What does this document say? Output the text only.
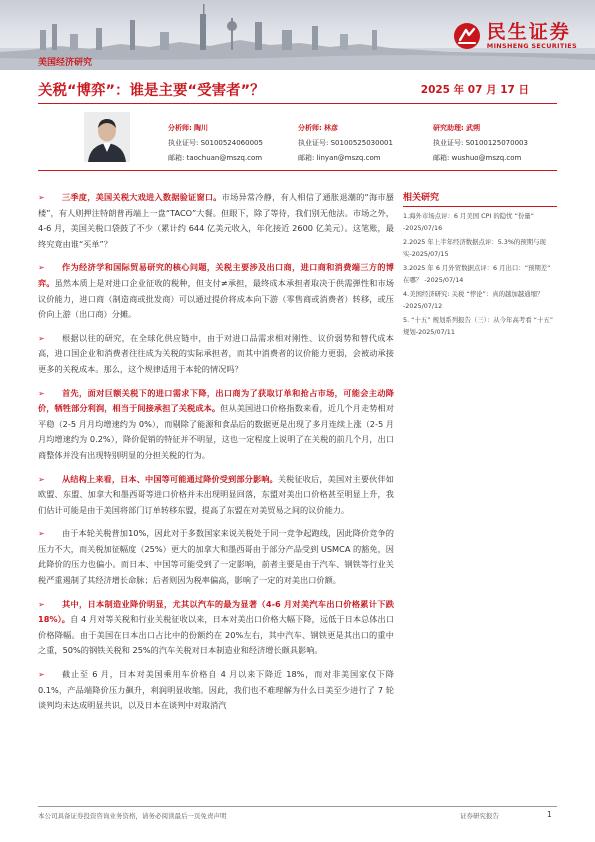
民生证券
MINSHENG SECURITIES
美国经济研究
关税“博弈”：谁是主要“受害者”？	2025 年 07 月 17 日
分析师: 陶川
执业证号: S0100524060005
邮箱: taochuan@mszq.com
分析师: 林彦
执业证号: S0100525030001
邮箱: linyan@mszq.com
研究助理: 武朔
执业证号: S0100125070003
邮箱: wushuo@mszq.com

➢ 三季度，美国关税大戏进入数据验证窗口。市场异常冷静，有人相信了通胀退潮的“海市蜃楼”，有人则押注特朗普再端上一盘“TACO”大餐。但眼下，除了等待，我们别无他法。市场之外，4-6 月，美国关税口袋鼓了不少（累计约 644 亿美元收入，年化接近 2600 亿美元）。这笔账，最终究竟由谁“买单”？

➢ 作为经济学和国际贸易研究的核心问题，关税主要涉及出口商，进口商和消费端三方的博弈。虽然本质上是对进口企业征收的税种，但支付≠承担，最终成本承担者取决于供需弹性和市场议价能力，进口商（制造商或批发商）可以通过提价将成本向下游（零售商或消费者）转移，或压价向上游（出口商）分摊。

➢ 根据以往的研究，在全球化供应链中，由于对进口品需求相对刚性、议价弱势和替代成本高，进口国企业和消费者往往成为关税的实际承担者，而其中消费者的议价能力更弱，会被动承接更多的关税成本。那么，这个规律适用于本轮的情况吗？

➢ 首先，面对巨额关税下的进口需求下降，出口商为了获取订单和抢占市场，可能会主动降价，牺牲部分利润，相当于间接承担了关税成本。但从美国进口价格指数来看，近几个月走势相对平稳（2-5 月月均增速约为 0%），而剔除了能源和食品后的数据更是出现了多月连续上涨（2-5 月月均增速约为 0.2%），降价促销的特征并不明显，这也一定程度上说明了在关税的前几个月，出口商整体并没有出现特别明显的分担关税的行为。

➢ 从结构上来看，日本、中国等可能通过降价受到部分影响。关税征收后，美国对主要伙伴如欧盟、东盟、加拿大和墨西哥等进口价格并未出现明显回落，东盟对美出口价格甚至明显上升，我们估计可能是由于美国将部门订单转移东盟，提高了东盟在对美贸易之间的议价能力。

➢ 由于本轮关税普加10%，因此对于多数国家来说关税处于同一竞争起跑线，因此降价竞争的压力不大，而关税加征幅度（25%）更大的加拿大和墨西哥由于部分产品受到 USMCA 的豁免，因此降价的压力也偏小。而日本、中国等可能受到了一定影响，前者主要是由于汽车、钢铁等行业关税严重遏制了其经济增长命脉；后者则因为税率偏高，影响了一定的对美出口价额。

➢ 其中，日本制造业降价明显，尤其以汽车的最为显著（4-6 月对美汽车出口价格累计下跌 18%）。自 4 月对等关税和行业关税征收以来，日本对美出口价格大幅下降，远低于日本总体出口价格降幅。由于美国在日本出口占比中的份额约在 20%左右，其中汽车、钢铁更是其出口的重中之重，50%的钢铁关税和 25%的汽车关税对日本制造业和经济增长颇具影响。

➢ 截止至 6 月，日本对美国乘用车价格自 4 月以来下降近 18%，而对非美国家仅下降 0.1%，产品端降价压力飙升，利润明显收缩。因此，我们也不难理解为什么日美至少进行了 7 轮谈判均未达成明显共识，以及日本在谈判中对取消汽

相关研究
1.海外市场点评：6 月美国 CPI 的隐忧 “份量” -2025/07/16
2.2025 年上半年经济数据点评：5.3%的预期与现实-2025/07/15
3.2025 年 6 月外贸数据点评：6 月出口：“预期差” 在哪？ -2025/07/14
4.美国经济研究: 关税 “悖论”：真的越加越通缩？ -2025/07/12
5. “十五” 规划系列报告（三）：从今年高考看 “十五” 规划-2025/07/11
本公司具备证券投资咨询业务资格，请务必阅读最后一页免责声明	证券研究报告	1
